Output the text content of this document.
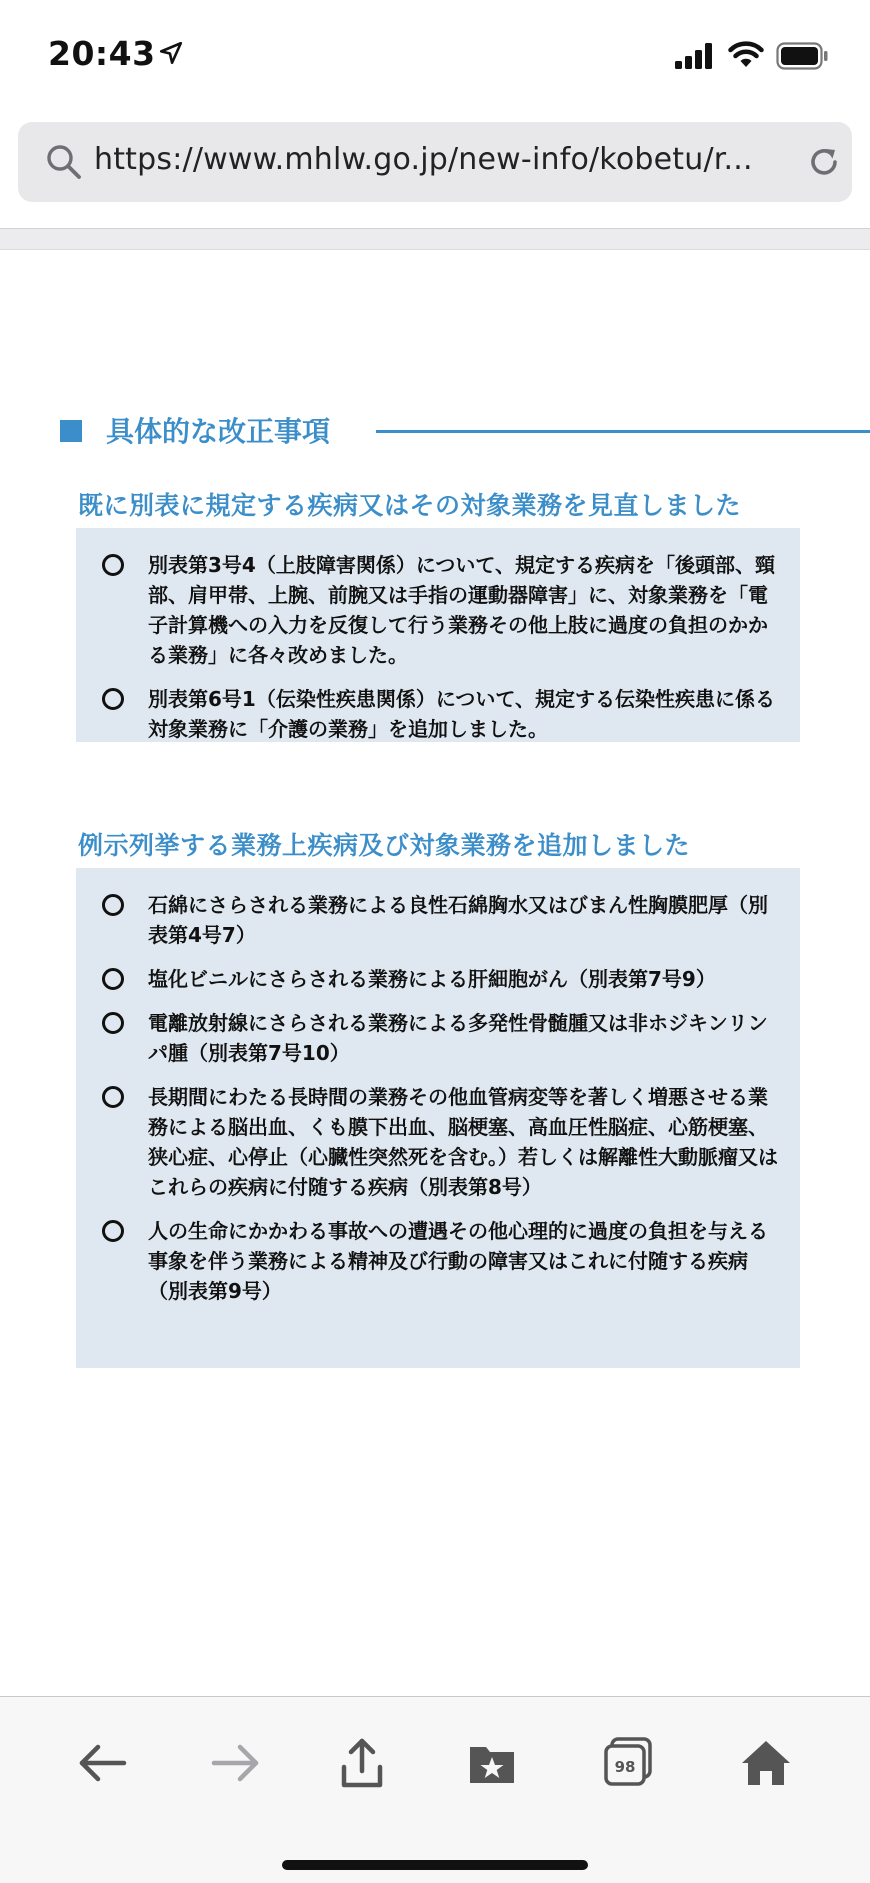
20:43
https://www.mhlw.go.jp/new-info/kobetu/r...
具体的な改正事項
既に別表に規定する疾病又はその対象業務を見直しました
別表第3号4（上肢障害関係）について、規定する疾病を「後頭部、頸部、肩甲帯、上腕、前腕又は手指の運動器障害」に、対象業務を「電子計算機への入力を反復して行う業務その他上肢に過度の負担のかかる業務」に各々改めました。
別表第6号1（伝染性疾患関係）について、規定する伝染性疾患に係る対象業務に「介護の業務」を追加しました。
例示列挙する業務上疾病及び対象業務を追加しました
石綿にさらされる業務による良性石綿胸水又はびまん性胸膜肥厚（別表第4号7）
塩化ビニルにさらされる業務による肝細胞がん（別表第7号9）
電離放射線にさらされる業務による多発性骨髄腫又は非ホジキンリンパ腫（別表第7号10）
長期間にわたる長時間の業務その他血管病変等を著しく増悪させる業務による脳出血、くも膜下出血、脳梗塞、高血圧性脳症、心筋梗塞、狭心症、心停止（心臓性突然死を含む。）若しくは解離性大動脈瘤又はこれらの疾病に付随する疾病（別表第8号）
人の生命にかかわる事故への遭遇その他心理的に過度の負担を与える事象を伴う業務による精神及び行動の障害又はこれに付随する疾病（別表第9号）
98
